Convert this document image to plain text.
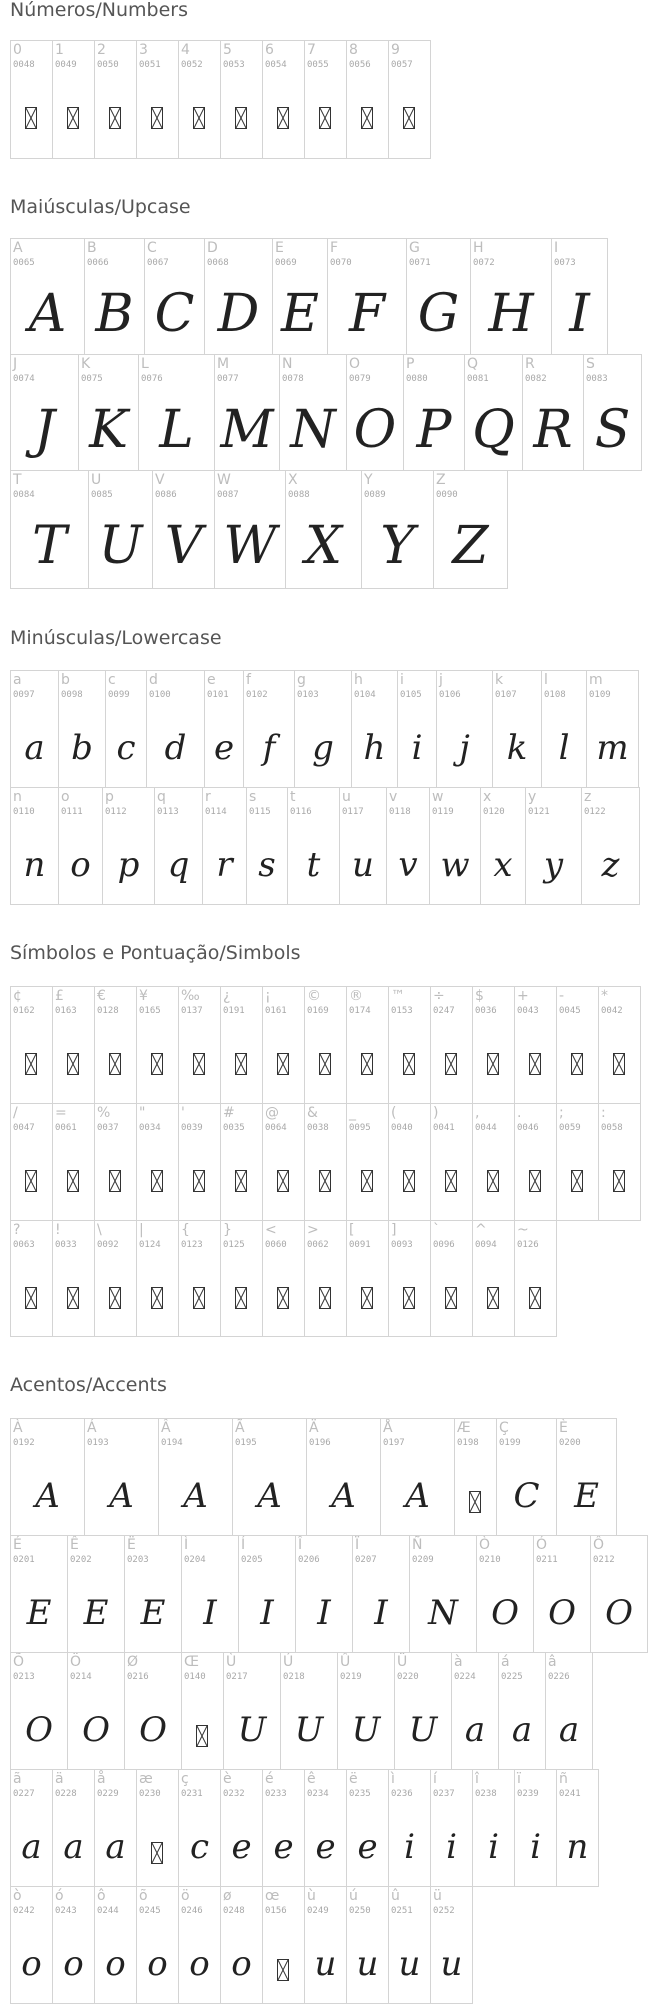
Números/Numbers
0
0048
1
0049
2
0050
3
0051
4
0052
5
0053
6
0054
7
0055
8
0056
9
0057
Maiúsculas/Upcase
A
0065
A
B
0066
B
C
0067
C
D
0068
D
E
0069
E
F
0070
F
G
0071
G
H
0072
H
I
0073
I
J
0074
J
K
0075
K
L
0076
L
M
0077
M
N
0078
N
O
0079
O
P
0080
P
Q
0081
Q
R
0082
R
S
0083
S
T
0084
T
U
0085
U
V
0086
V
W
0087
W
X
0088
X
Y
0089
Y
Z
0090
Z
Minúsculas/Lowercase
a
0097
a
b
0098
b
c
0099
c
d
0100
d
e
0101
e
f
0102
f
g
0103
g
h
0104
h
i
0105
i
j
0106
j
k
0107
k
l
0108
l
m
0109
m
n
0110
n
o
0111
o
p
0112
p
q
0113
q
r
0114
r
s
0115
s
t
0116
t
u
0117
u
v
0118
v
w
0119
w
x
0120
x
y
0121
y
z
0122
z
Símbolos e Pontuação/Simbols
¢
0162
£
0163
€
0128
¥
0165
‰
0137
¿
0191
¡
0161
©
0169
®
0174
™
0153
÷
0247
$
0036
+
0043
-
0045
*
0042
/
0047
=
0061
%
0037
"
0034
'
0039
#
0035
@
0064
&
0038
_
0095
(
0040
)
0041
,
0044
.
0046
;
0059
:
0058
?
0063
!
0033
\
0092
|
0124
{
0123
}
0125
<
0060
>
0062
[
0091
]
0093
`
0096
^
0094
~
0126
Acentos/Accents
À
0192
A
Á
0193
A
Â
0194
A
Ã
0195
A
Ä
0196
A
Å
0197
A
Æ
0198
Ç
0199
C
È
0200
E
É
0201
E
Ê
0202
E
Ë
0203
E
Ì
0204
I
Í
0205
I
Î
0206
I
Ï
0207
I
Ñ
0209
N
Ò
0210
O
Ó
0211
O
Ô
0212
O
Õ
0213
O
Ö
0214
O
Ø
0216
O
Œ
0140
Ù
0217
U
Ú
0218
U
Û
0219
U
Ü
0220
U
à
0224
a
á
0225
a
â
0226
a
ã
0227
a
ä
0228
a
å
0229
a
æ
0230
ç
0231
c
è
0232
e
é
0233
e
ê
0234
e
ë
0235
e
ì
0236
i
í
0237
i
î
0238
i
ï
0239
i
ñ
0241
n
ò
0242
o
ó
0243
o
ô
0244
o
õ
0245
o
ö
0246
o
ø
0248
o
œ
0156
ù
0249
u
ú
0250
u
û
0251
u
ü
0252
u
